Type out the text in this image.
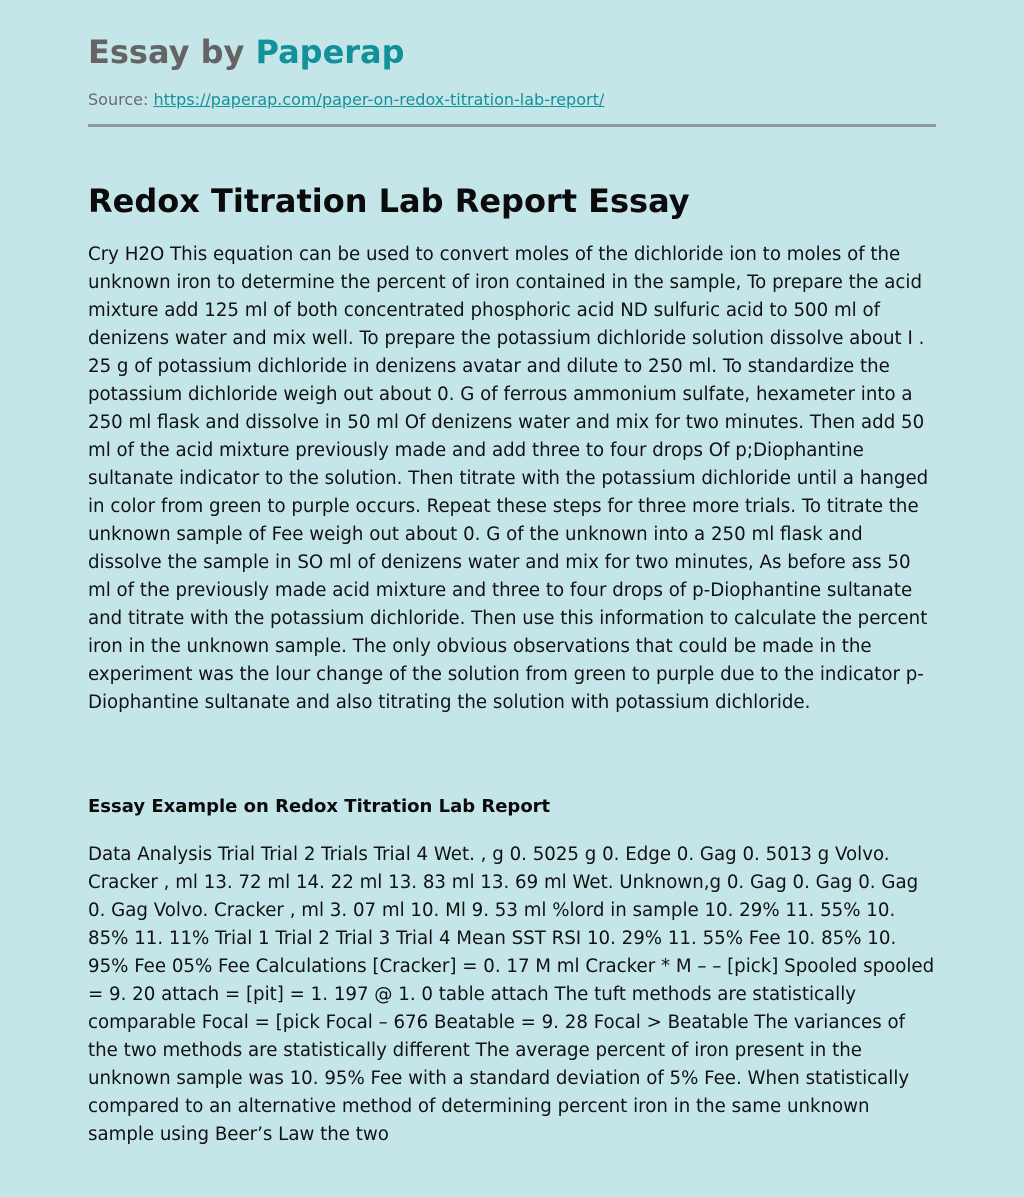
Essay by Paperap
Source: https://paperap.com/paper-on-redox-titration-lab-report/
Redox Titration Lab Report Essay

Cry H2O This equation can be used to convert moles of the dichloride ion to moles of the unknown iron to determine the percent of iron contained in the sample, To prepare the acid mixture add 125 ml of both concentrated phosphoric acid ND sulfuric acid to 500 ml of denizens water and mix well. To prepare the potassium dichloride solution dissolve about I . 25 g of potassium dichloride in denizens avatar and dilute to 250 ml. To standardize the potassium dichloride weigh out about 0. G of ferrous ammonium sulfate, hexameter into a 250 ml flask and dissolve in 50 ml Of denizens water and mix for two minutes. Then add 50 ml of the acid mixture previously made and add three to four drops Of p;Diophantine sultanate indicator to the solution. Then titrate with the potassium dichloride until a hanged in color from green to purple occurs. Repeat these steps for three more trials. To titrate the unknown sample of Fee weigh out about 0. G of the unknown into a 250 ml flask and dissolve the sample in SO ml of denizens water and mix for two minutes, As before ass 50 ml of the previously made acid mixture and three to four drops of p-Diophantine sultanate and titrate with the potassium dichloride. Then use this information to calculate the percent iron in the unknown sample. The only obvious observations that could be made in the experiment was the lour change of the solution from green to purple due to the indicator p- Diophantine sultanate and also titrating the solution with potassium dichloride.

Essay Example on Redox Titration Lab Report

Data Analysis Trial Trial 2 Trials Trial 4 Wet. , g 0. 5025 g 0. Edge 0. Gag 0. 5013 g Volvo. Cracker , ml 13. 72 ml 14. 22 ml 13. 83 ml 13. 69 ml Wet. Unknown,g 0. Gag 0. Gag 0. Gag 0. Gag Volvo. Cracker , ml 3. 07 ml 10. Ml 9. 53 ml %lord in sample 10. 29% 11. 55% 10. 85% 11. 11% Trial 1 Trial 2 Trial 3 Trial 4 Mean SST RSI 10. 29% 11. 55% Fee 10. 85% 10. 95% Fee 05% Fee Calculations [Cracker] = 0. 17 M ml Cracker * M – – [pick] Spooled spooled = 9. 20 attach = [pit] = 1. 197 @ 1. 0 table attach The tuft methods are statistically comparable Focal = [pick Focal – 676 Beatable = 9. 28 Focal > Beatable The variances of the two methods are statistically different The average percent of iron present in the unknown sample was 10. 95% Fee with a standard deviation of 5% Fee. When statistically compared to an alternative method of determining percent iron in the same unknown sample using Beer’s Law the two
